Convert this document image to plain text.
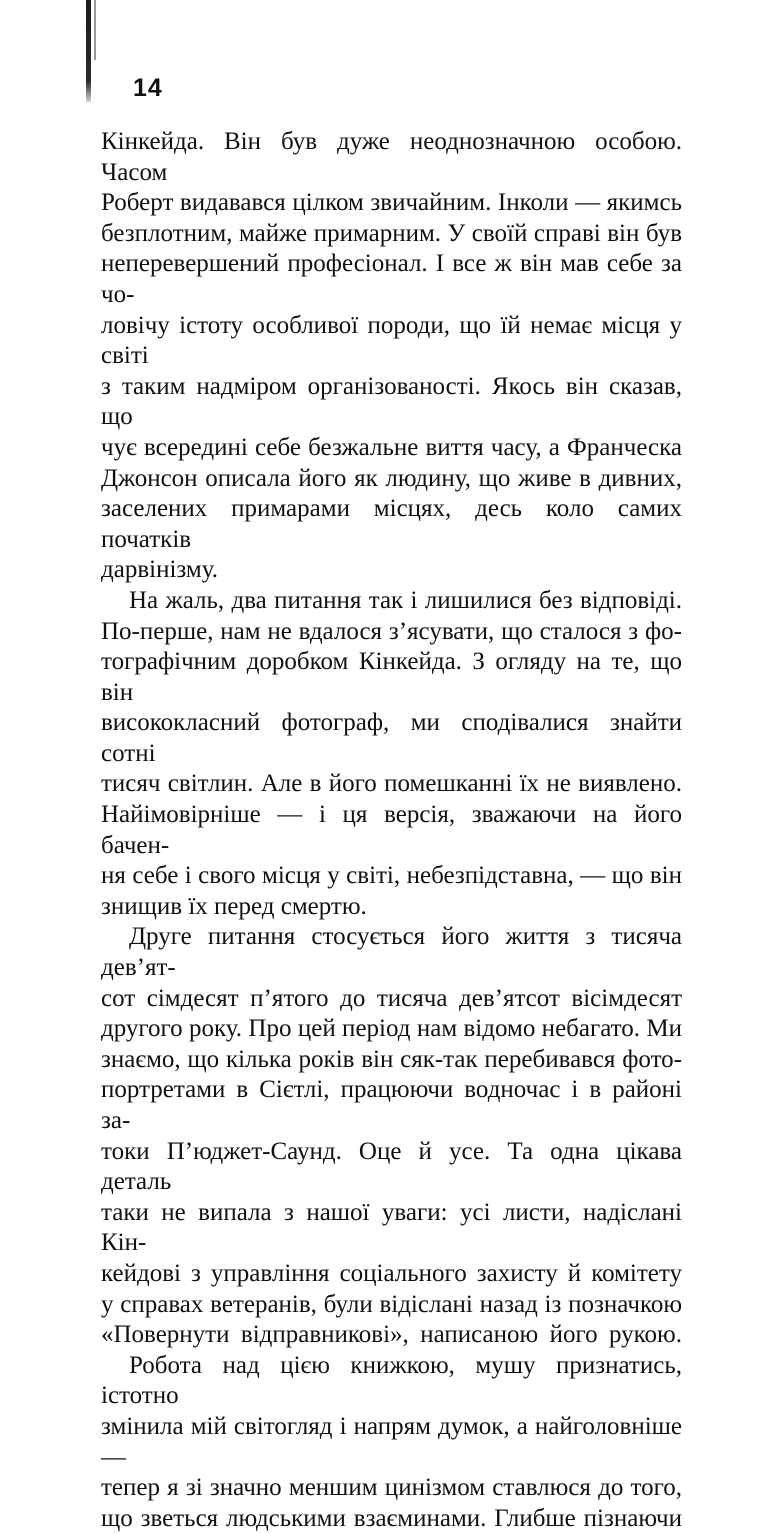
14
Кінкейда. Він був дуже неоднозначною особою. Часом
Роберт видавався цілком звичайним. Інколи — якимсь
безплотним, майже примарним. У своїй справі він був
неперевершений професіонал. І все ж він мав себе за чо-
ловічу істоту особливої породи, що їй немає місця у світі
з таким надміром організованості. Якось він сказав, що
чує всередині себе безжальне виття часу, а Франческа
Джонсон описала його як людину, що живе в дивних,
заселених примарами місцях, десь коло самих початків
дарвінізму.
На жаль, два питання так і лишилися без відповіді.
По-перше, нам не вдалося з’ясувати, що сталося з фо-
тографічним доробком Кінкейда. З огляду на те, що він
висококласний фотограф, ми сподівалися знайти сотні
тисяч світлин. Але в його помешканні їх не виявлено.
Найімовірніше — і ця версія, зважаючи на його бачен-
ня себе і свого місця у світі, небезпідставна, — що він
знищив їх перед смертю.
Друге питання стосується його життя з тисяча дев’ят-
сот сімдесят п’ятого до тисяча дев’ятсот вісімдесят
другого року. Про цей період нам відомо небагато. Ми
знаємо, що кілька років він сяк-так перебивався фото-
портретами в Сієтлі, працюючи водночас і в районі за-
токи П’юджет-Саунд. Оце й усе. Та одна цікава деталь
таки не випала з нашої уваги: усі листи, надіслані Кін-
кейдові з управління соціального захисту й комітету
у справах ветеранів, були відіслані назад із позначкою
«Повернути відправникові», написаною його рукою.
Робота над цією книжкою, мушу признатись, істотно
змінила мій світогляд і напрям думок, а найголовніше —
тепер я зі значно меншим цинізмом ставлюся до того,
що зветься людськими взаєминами. Глибше пізнаючи
